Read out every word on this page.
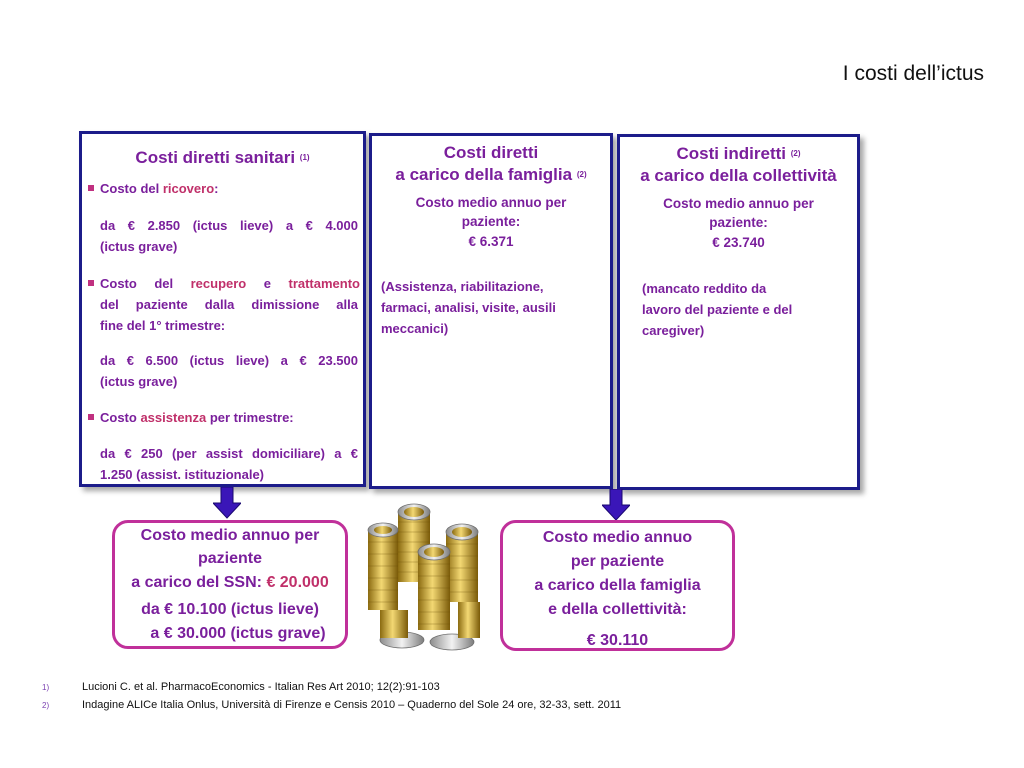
I costi dell’ictus
Costi diretti sanitari $^{(1)}$
Costo del ricovero:
da € 2.850 (ictus lieve) a € 4.000
(ictus grave)
Costo del recupero e trattamento
del paziente dalla dimissione alla
fine del 1° trimestre:
da € 6.500 (ictus lieve) a € 23.500
(ictus grave)
Costo assistenza per trimestre:
da € 250 (per assist domiciliare) a €
1.250 (assist. istituzionale)
Costi diretti
a carico della famiglia $^{(2)}$
Costo medio annuo per
paziente:
€ 6.371
(Assistenza, riabilitazione,
farmaci, analisi, visite, ausili
meccanici)
Costi indiretti $^{(2)}$
a carico della collettività
Costo medio annuo per
paziente:
€ 23.740
(mancato reddito da
lavoro del paziente e del
caregiver)
Costo medio annuo per
paziente
a carico del SSN: € 20.000
da € 10.100 (ictus lieve)
a € 30.000 (ictus grave)
Costo medio annuo
per paziente
a carico della famiglia
e della collettività:
€ 30.110
1)	Lucioni C. et al. PharmacoEconomics - Italian Res Art 2010; 12(2):91-103
2)	Indagine ALICe Italia Onlus, Università di Firenze e Censis 2010 – Quaderno del Sole 24 ore, 32-33, sett. 2011
